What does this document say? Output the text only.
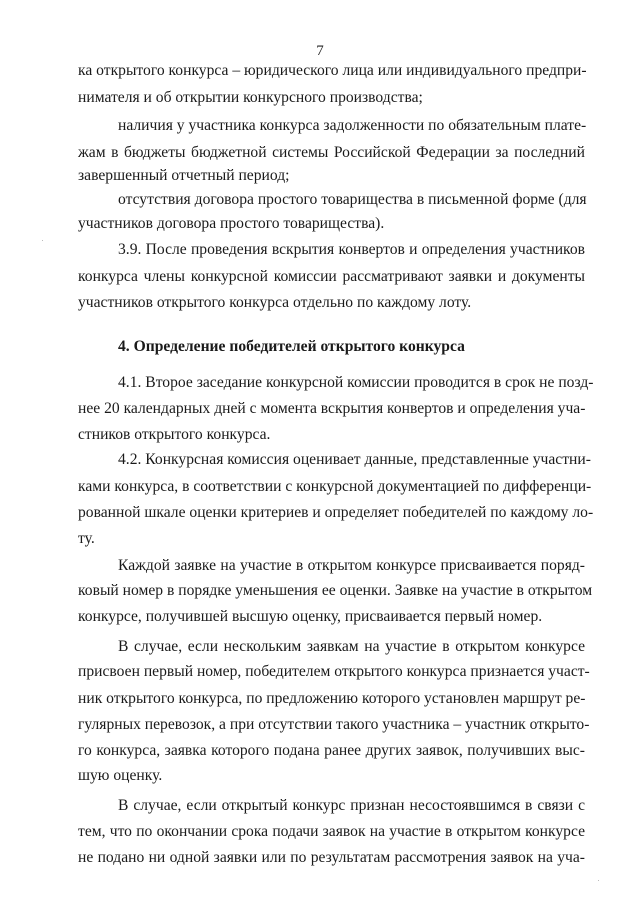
7

ка открытого конкурса – юридического лица или индивидуального предпри-

нимателя и об открытии конкурсного производства;

наличия у участника конкурса задолженности по обязательным плате-

жам в бюджеты бюджетной системы Российской Федерации за последний

завершенный отчетный период;

отсутствия договора простого товарищества в письменной форме (для

участников договора простого товарищества).

3.9. После проведения вскрытия конвертов и определения участников

конкурса члены конкурсной комиссии рассматривают заявки и документы

участников открытого конкурса отдельно по каждому лоту.

4. Определение победителей открытого конкурса

4.1. Второе заседание конкурсной комиссии проводится в срок не позд-

нее 20 календарных дней с момента вскрытия конвертов и определения уча-

стников открытого конкурса.

4.2. Конкурсная комиссия оценивает данные, представленные участни-

ками конкурса, в соответствии с конкурсной документацией по дифференци-

рованной шкале оценки критериев и определяет победителей по каждому ло-

ту.

Каждой заявке на участие в открытом конкурсе присваивается поряд-

ковый номер в порядке уменьшения ее оценки. Заявке на участие в открытом

конкурсе, получившей высшую оценку, присваивается первый номер.

В случае, если нескольким заявкам на участие в открытом конкурсе

присвоен первый номер, победителем открытого конкурса признается участ-

ник открытого конкурса, по предложению которого установлен маршрут ре-

гулярных перевозок, а при отсутствии такого участника – участник открыто-

го конкурса, заявка которого подана ранее других заявок, получивших выс-

шую оценку.

В случае, если открытый конкурс признан несостоявшимся в связи с

тем, что по окончании срока подачи заявок на участие в открытом конкурсе

не подано ни одной заявки или по результатам рассмотрения заявок на уча-
